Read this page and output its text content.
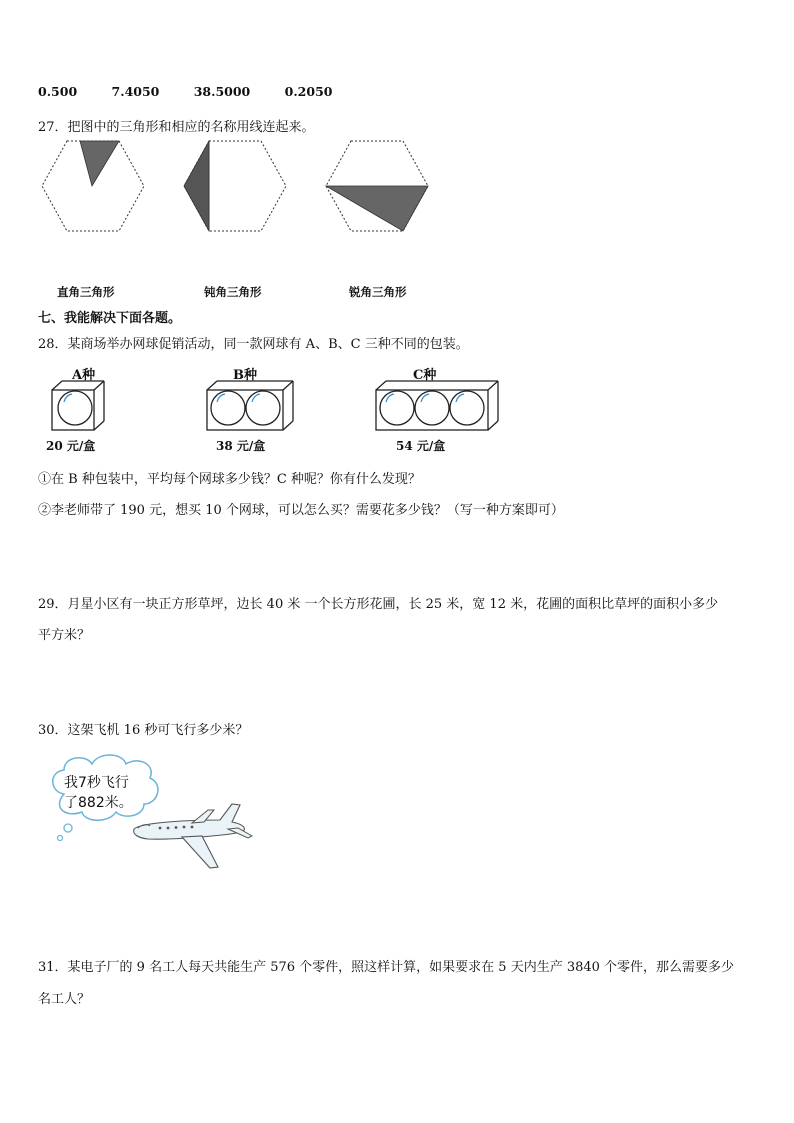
0.500	7.4050	38.5000	0.2050
27．把图中的三角形和相应的名称用线连起来。
直角三角形	钝角三角形	锐角三角形
七、我能解决下面各题。
28．某商场举办网球促销活动，同一款网球有 A、B、C 三种不同的包装。
A种
20 元/盒
B种
38 元/盒
C种
54 元/盒
①在 B 种包装中，平均每个网球多少钱？C 种呢？你有什么发现？
②李老师带了 190 元，想买 10 个网球，可以怎么买？需要花多少钱？（写一种方案即可）
29．月星小区有一块正方形草坪，边长 40 米 一个长方形花圃，长 25 米，宽 12 米，花圃的面积比草坪的面积小多少
平方米？
30．这架飞机 16 秒可飞行多少米？
我7秒飞行
了882米。
31．某电子厂的 9 名工人每天共能生产 576 个零件，照这样计算，如果要求在 5 天内生产 3840 个零件，那么需要多少
名工人？
